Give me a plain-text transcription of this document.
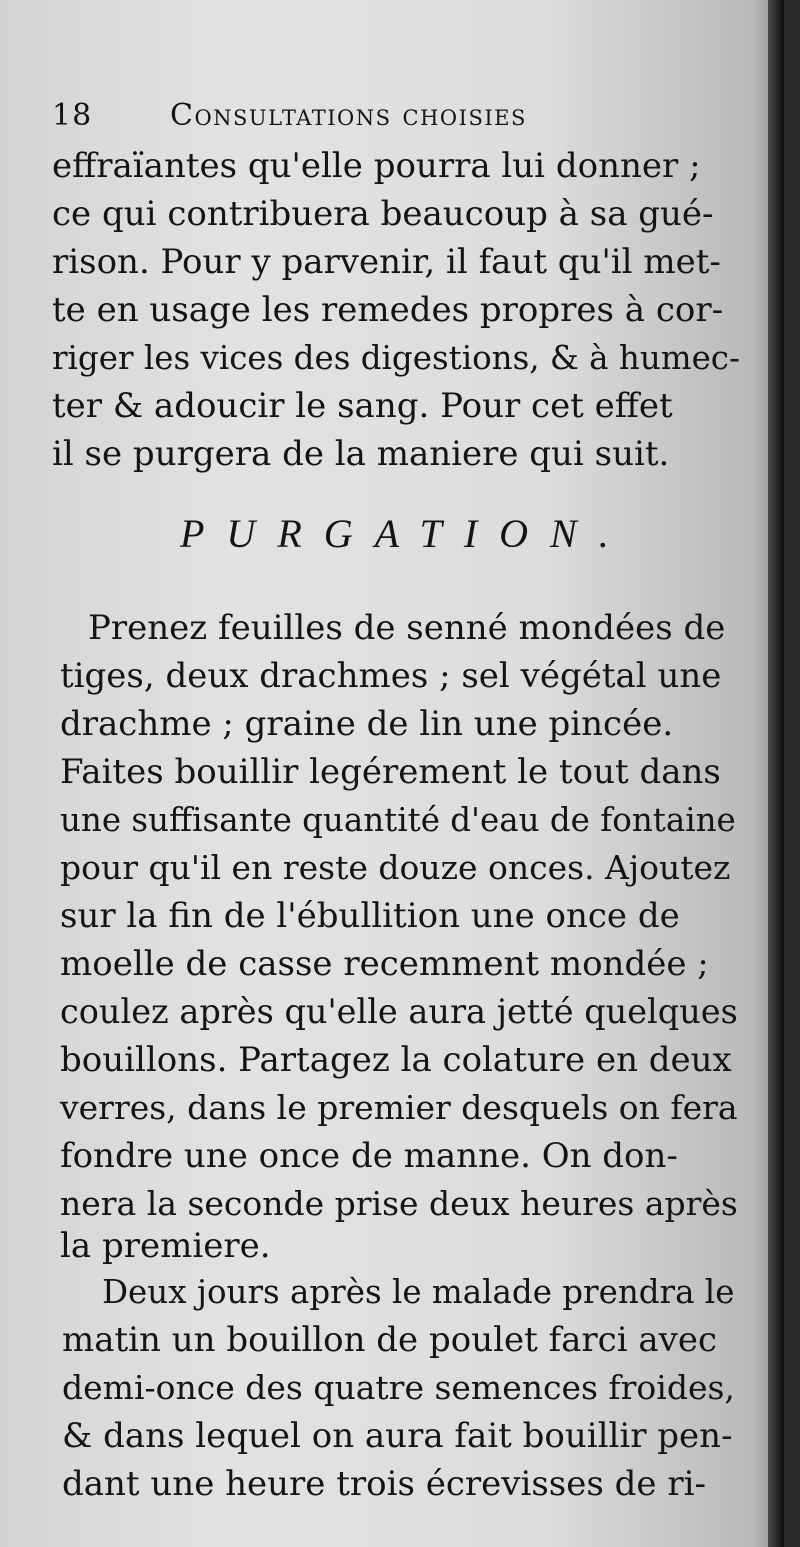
18	Consultations choisies
effraïantes qu'elle pourra lui donner ;
ce qui contribuera beaucoup à sa gué-
rison. Pour y parvenir, il faut qu'il met-
te en usage les remedes propres à cor-
riger les vices des digestions, & à humec-
ter & adoucir le sang. Pour cet effet
il se purgera de la maniere qui suit.
PURGATION.
Prenez feuilles de senné mondées de
tiges, deux drachmes ; sel végétal une
drachme ; graine de lin une pincée.
Faites bouillir legérement le tout dans
une suffisante quantité d'eau de fontaine
pour qu'il en reste douze onces. Ajoutez
sur la fin de l'ébullition une once de
moelle de casse recemment mondée ;
coulez après qu'elle aura jetté quelques
bouillons. Partagez la colature en deux
verres, dans le premier desquels on fera
fondre une once de manne. On don-
nera la seconde prise deux heures après
la premiere.
Deux jours après le malade prendra le
matin un bouillon de poulet farci avec
demi-once des quatre semences froides,
& dans lequel on aura fait bouillir pen-
dant une heure trois écrevisses de ri-
